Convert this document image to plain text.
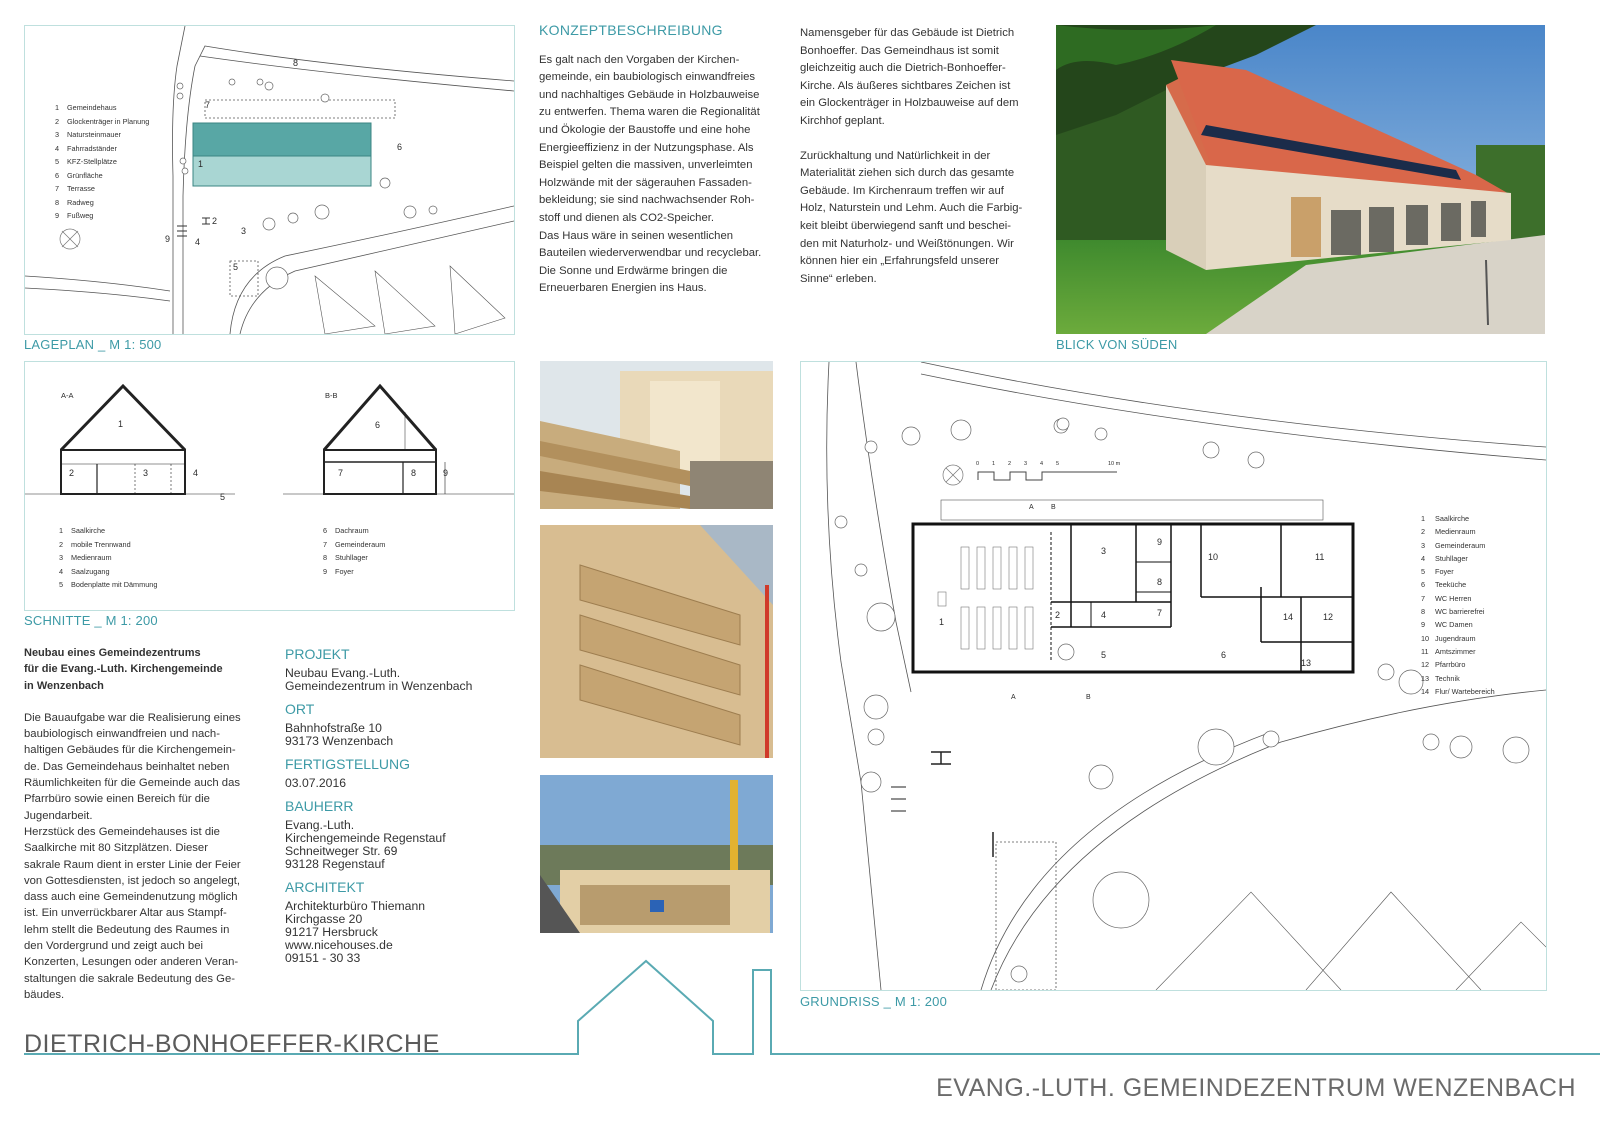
1 Gemeindehaus
2 Glockenträger in Planung
3 Natursteinmauer
4 Fahrradständer
5 KFZ-Stellplätze
6 Grünfläche
7 Terrasse
8 Radweg
9 Fußweg
8
7
1
6
2
3
9	4
5
LAGEPLAN _ M 1: 500
KONZEPTBESCHREIBUNG
Es galt nach den Vorgaben der Kirchen-
gemeinde, ein baubiologisch einwandfreies
und nachhaltiges Gebäude in Holzbauweise
zu entwerfen. Thema waren die Regionalität
und Ökologie der Baustoffe und eine hohe
Energieeffizienz in der Nutzungsphase. Als
Beispiel gelten die massiven, unverleimten
Holzwände mit der sägerauhen Fassaden-
bekleidung; sie sind nachwachsender Roh-
stoff und dienen als CO2-Speicher.
Das Haus wäre in seinen wesentlichen
Bauteilen wiederverwendbar und recyclebar.
Die Sonne und Erdwärme bringen die
Erneuerbaren Energien ins Haus.
Namensgeber für das Gebäude ist Dietrich
Bonhoeffer. Das Gemeindhaus ist somit
gleichzeitig auch die Dietrich-Bonhoeffer-
Kirche. Als äußeres sichtbares Zeichen ist
ein Glockenträger in Holzbauweise auf dem
Kirchhof geplant.
Zurückhaltung und Natürlichkeit in der
Materialität ziehen sich durch das gesamte
Gebäude. Im Kirchenraum treffen wir auf
Holz, Naturstein und Lehm. Auch die Farbig-
keit bleibt überwiegend sanft und beschei-
den mit Naturholz- und Weißtönungen. Wir
können hier ein „Erfahrungsfeld unserer
Sinne“ erleben.
BLICK VON SÜDEN
A-A	B-B
1
2	3	4
5
6
7	8	9
1 Saalkirche
2 mobile Trennwand
3 Medienraum
4 Saalzugang
5 Bodenplatte mit Dämmung
6 Dachraum
7 Gemeinderaum
8 Stuhllager
9 Foyer
SCHNITTE _ M 1: 200
Neubau eines Gemeindezentrums
für die Evang.-Luth. Kirchengemeinde
in Wenzenbach
Die Bauaufgabe war die Realisierung eines
baubiologisch einwandfreien und nach-
haltigen Gebäudes für die Kirchengemein-
de. Das Gemeindehaus beinhaltet neben
Räumlichkeiten für die Gemeinde auch das
Pfarrbüro sowie einen Bereich für die
Jugendarbeit.
Herzstück des Gemeindehauses ist die
Saalkirche mit 80 Sitzplätzen. Dieser
sakrale Raum dient in erster Linie der Feier
von Gottesdiensten, ist jedoch so angelegt,
dass auch eine Gemeindenutzung möglich
ist. Ein unverrückbarer Altar aus Stampf-
lehm stellt die Bedeutung des Raumes in
den Vordergrund und zeigt auch bei
Konzerten, Lesungen oder anderen Veran-
staltungen die sakrale Bedeutung des Ge-
bäudes.
PROJEKT
Neubau Evang.-Luth.
Gemeindezentrum in Wenzenbach
ORT
Bahnhofstraße 10
93173 Wenzenbach
FERTIGSTELLUNG
03.07.2016
BAUHERR
Evang.-Luth.
Kirchengemeinde Regenstauf
Schneitweger Str. 69
93128 Regenstauf
ARCHITEKT
Architekturbüro Thiemann
Kirchgasse 20
91217 Hersbruck
www.nicehouses.de
09151 - 30 33
0 1 2 3 4 5	10 m
A B
A	B
1
2
3
4
5	6
7
8
9
10	11
12
13
14
1 Saalkirche
2 Medienraum
3 Gemeinderaum
4 Stuhllager
5 Foyer
6 Teeküche
7 WC Herren
8 WC barrierefrei
9 WC Damen
10 Jugendraum
11 Amtszimmer
12 Pfarrbüro
13 Technik
14 Flur/ Wartebereich
GRUNDRISS _ M 1: 200
DIETRICH-BONHOEFFER-KIRCHE
EVANG.-LUTH. GEMEINDEZENTRUM WENZENBACH
